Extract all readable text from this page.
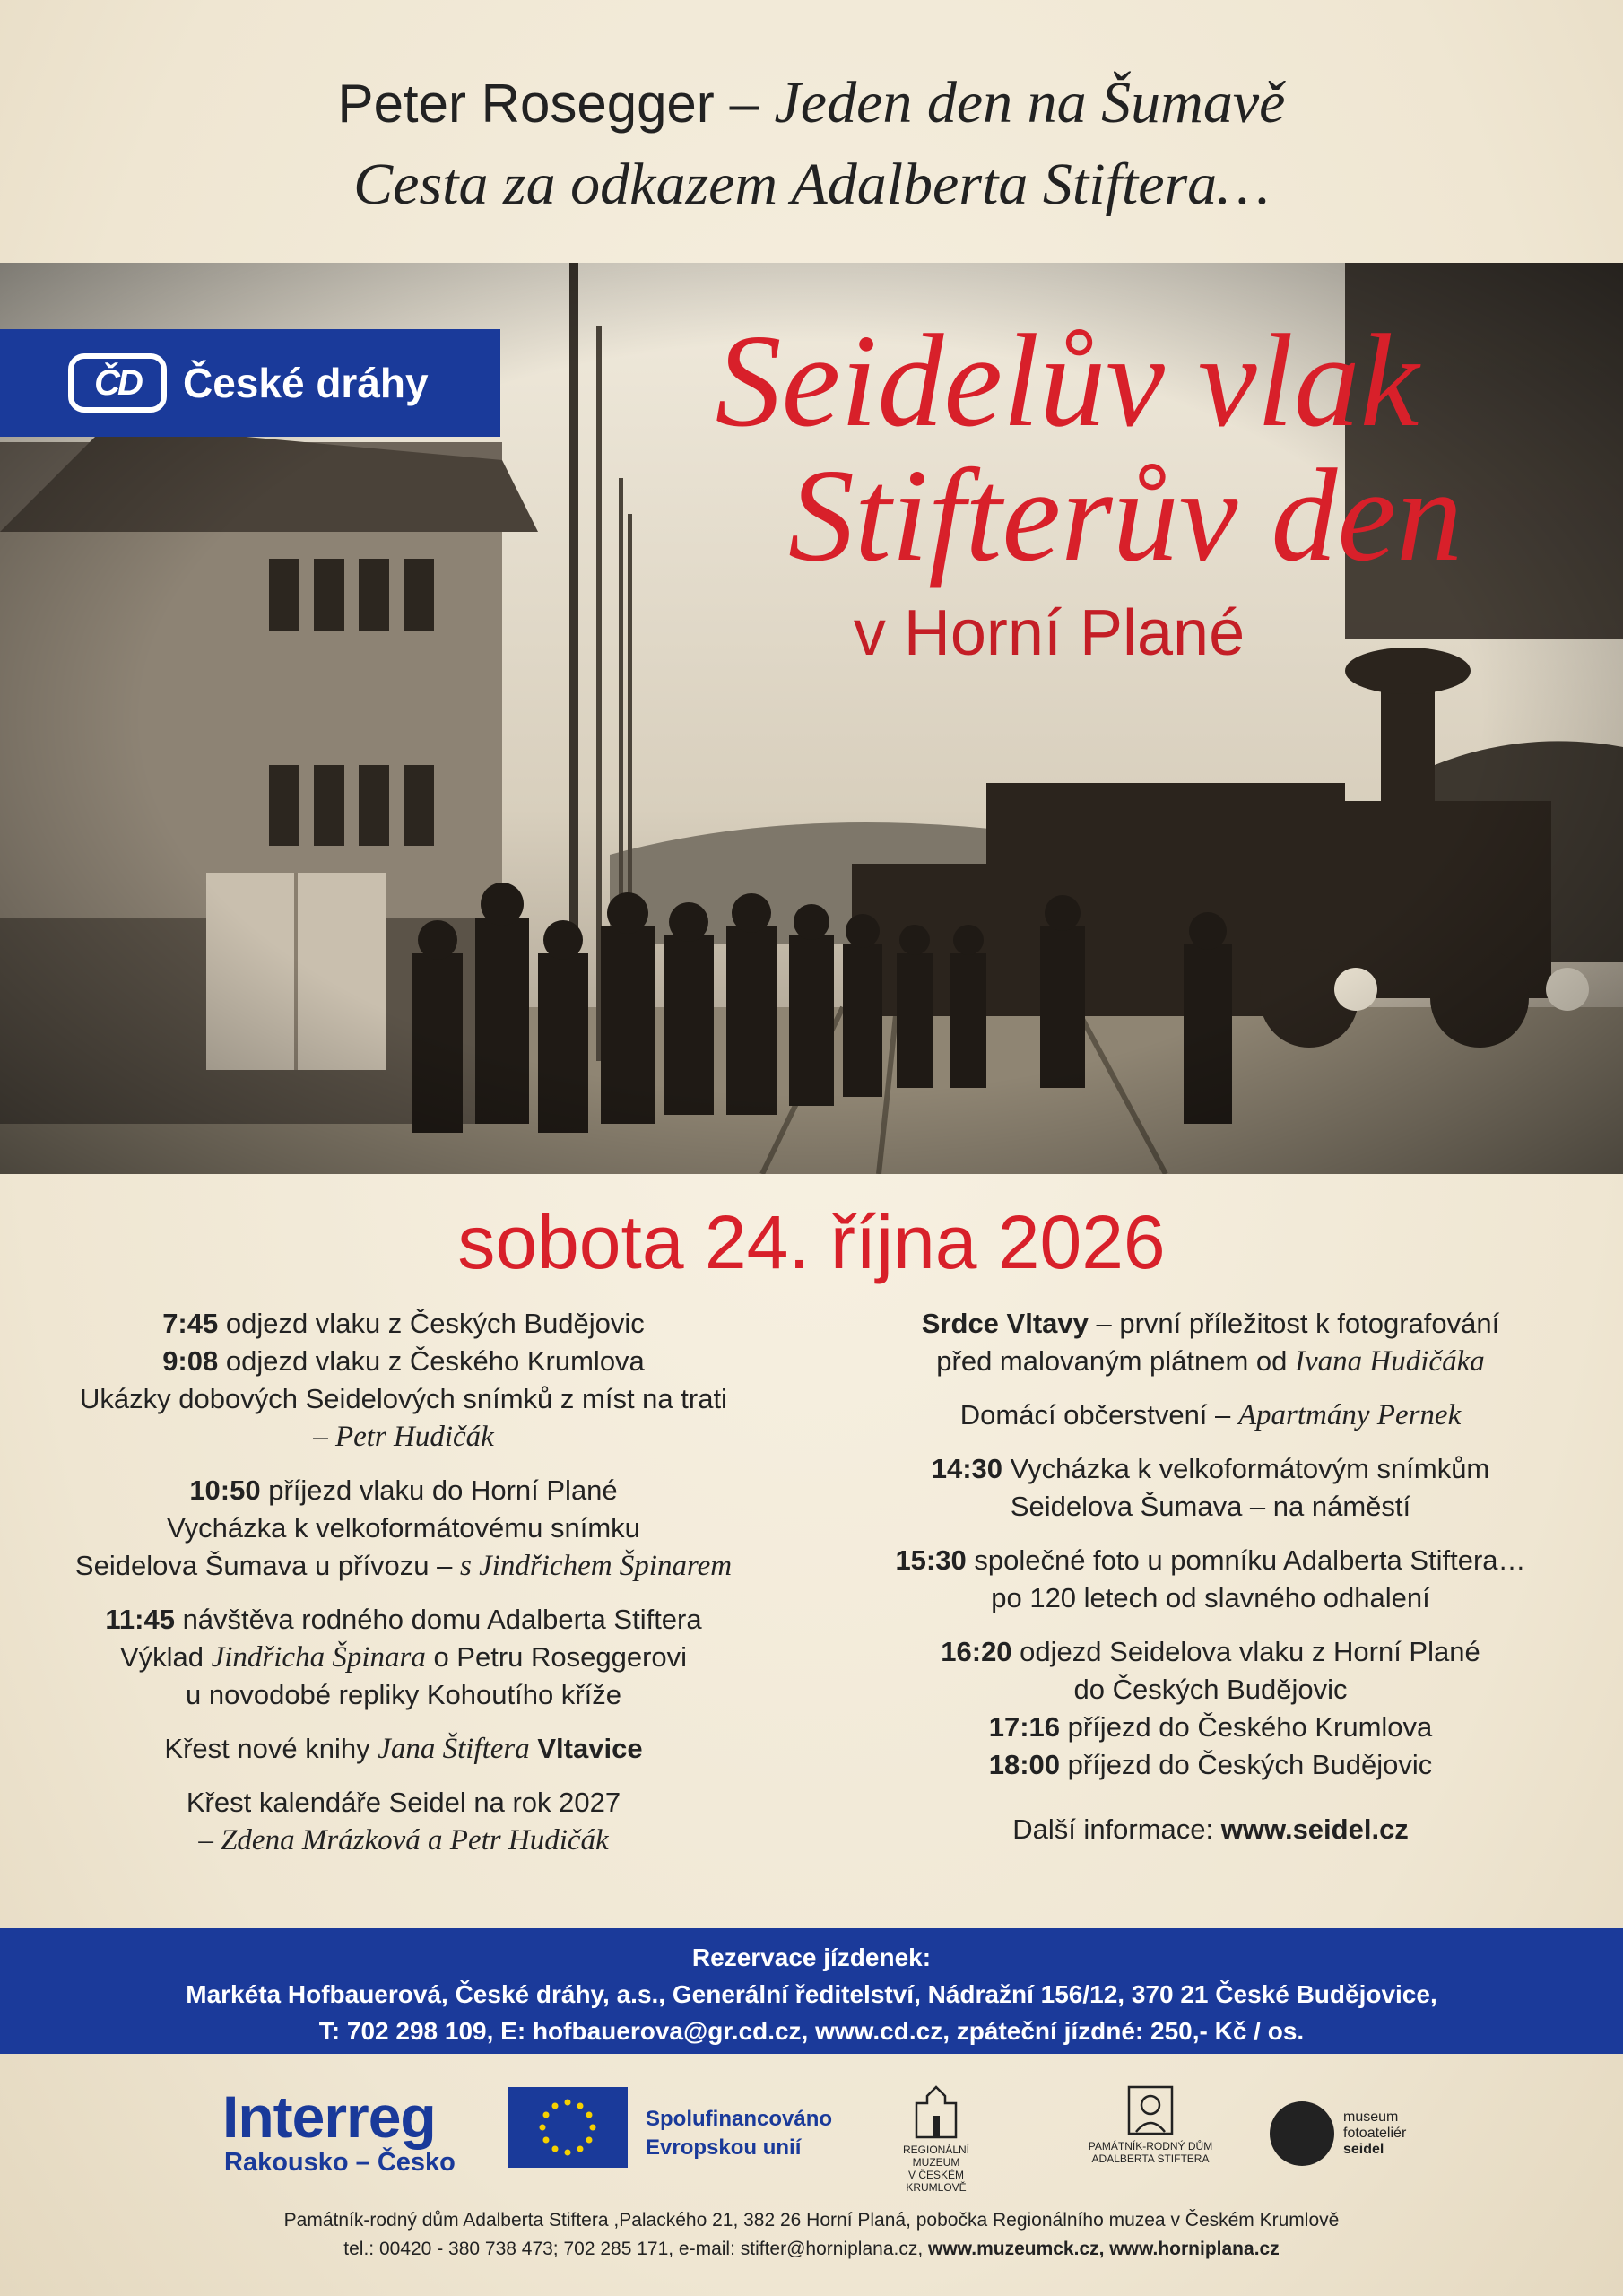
Peter Rosegger – Jeden den na Šumavě
Cesta za odkazem Adalberta Stiftera…
ČD	České dráhy	Seidelův vlak
Stifterův den
v Horní Plané
sobota 24. října 2026
7:45 odjezd vlaku z Českých Budějovic
9:08 odjezd vlaku z Českého Krumlova
Ukázky dobových Seidelových snímků z míst na trati
– Petr Hudičák
10:50 příjezd vlaku do Horní Plané
Vycházka k velkoformátovému snímku
Seidelova Šumava u přívozu – s Jindřichem Špinarem
11:45 návštěva rodného domu Adalberta Stiftera
Výklad Jindřicha Špinara o Petru Roseggerovi
u novodobé repliky Kohoutího kříže
Křest nové knihy Jana Štiftera Vltavice
Křest kalendáře Seidel na rok 2027
– Zdena Mrázková a Petr Hudičák
Srdce Vltavy – první příležitost k fotografování
před malovaným plátnem od Ivana Hudičáka
Domácí občerstvení – Apartmány Pernek
14:30 Vycházka k velkoformátovým snímkům
Seidelova Šumava – na náměstí
15:30 společné foto u pomníku Adalberta Stiftera…
po 120 letech od slavného odhalení
16:20 odjezd Seidelova vlaku z Horní Plané
do Českých Budějovic
17:16 příjezd do Českého Krumlova
18:00 příjezd do Českých Budějovic
Další informace: www.seidel.cz
Rezervace jízdenek:
Markéta Hofbauerová, České dráhy, a.s., Generální ředitelství, Nádražní 156/12, 370 21 České Budějovice,
T: 702 298 109, E: hofbauerova@gr.cd.cz, www.cd.cz, zpáteční jízdné: 250,- Kč / os.
Interreg
Rakousko – Česko
Spolufinancováno
Evropskou unií	REGIONÁLNÍ MUZEUM
V ČESKÉM KRUMLOVĚ
PAMÁTNÍK-RODNÝ DŮM
ADALBERTA STIFTERA
museum
fotoateliér
seidel
Památník-rodný dům Adalberta Stiftera ,Palackého 21, 382 26 Horní Planá, pobočka Regionálního muzea v Českém Krumlově
tel.: 00420 - 380 738 473; 702 285 171, e-mail: stifter@horniplana.cz, www.muzeumck.cz, www.horniplana.cz
